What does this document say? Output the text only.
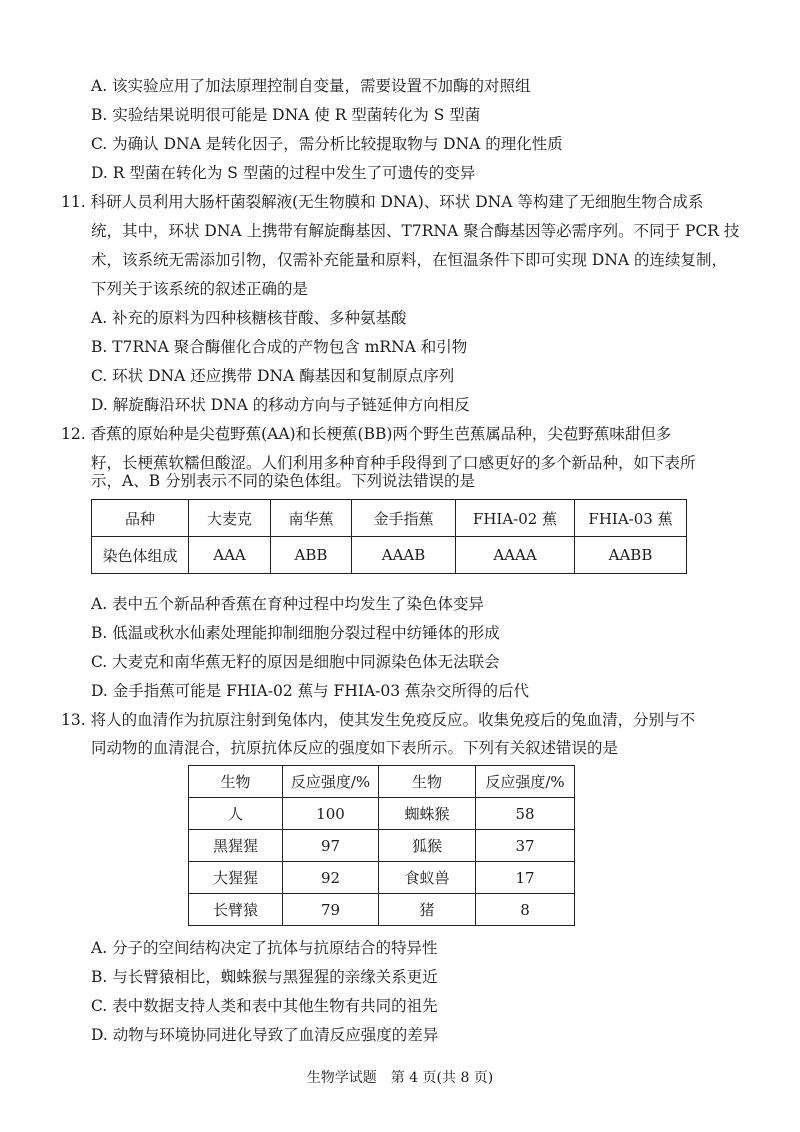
A. 该实验应用了加法原理控制自变量，需要设置不加酶的对照组
B. 实验结果说明很可能是 DNA 使 R 型菌转化为 S 型菌
C. 为确认 DNA 是转化因子，需分析比较提取物与 DNA 的理化性质
D. R 型菌在转化为 S 型菌的过程中发生了可遗传的变异
11. 科研人员利用大肠杆菌裂解液(无生物膜和 DNA)、环状 DNA 等构建了无细胞生物合成系
统，其中，环状 DNA 上携带有解旋酶基因、T7RNA 聚合酶基因等必需序列。不同于 PCR 技
术，该系统无需添加引物，仅需补充能量和原料，在恒温条件下即可实现 DNA 的连续复制，
下列关于该系统的叙述正确的是
A. 补充的原料为四种核糖核苷酸、多种氨基酸
B. T7RNA 聚合酶催化合成的产物包含 mRNA 和引物
C. 环状 DNA 还应携带 DNA 酶基因和复制原点序列
D. 解旋酶沿环状 DNA 的移动方向与子链延伸方向相反
12. 香蕉的原始种是尖苞野蕉(AA)和长梗蕉(BB)两个野生芭蕉属品种，尖苞野蕉味甜但多
籽，长梗蕉软糯但酸涩。人们利用多种育种手段得到了口感更好的多个新品种，如下表所
示，A、B 分别表示不同的染色体组。下列说法错误的是
品种	大麦克	南华蕉	金手指蕉	FHIA-02 蕉	FHIA-03 蕉
染色体组成	AAA	ABB	AAAB	AAAA	AABB
A. 表中五个新品种香蕉在育种过程中均发生了染色体变异
B. 低温或秋水仙素处理能抑制细胞分裂过程中纺锤体的形成
C. 大麦克和南华蕉无籽的原因是细胞中同源染色体无法联会
D. 金手指蕉可能是 FHIA-02 蕉与 FHIA-03 蕉杂交所得的后代
13. 将人的血清作为抗原注射到兔体内，使其发生免疫反应。收集免疫后的兔血清，分别与不
同动物的血清混合，抗原抗体反应的强度如下表所示。下列有关叙述错误的是
生物	反应强度/%	生物	反应强度/%
人	100	蜘蛛猴	58
黑猩猩	97	狐猴	37
大猩猩	92	食蚁兽	17
长臂猿	79	猪	8
A. 分子的空间结构决定了抗体与抗原结合的特异性
B. 与长臂猿相比，蜘蛛猴与黑猩猩的亲缘关系更近
C. 表中数据支持人类和表中其他生物有共同的祖先
D. 动物与环境协同进化导致了血清反应强度的差异
生物学试题　第 4 页(共 8 页)
